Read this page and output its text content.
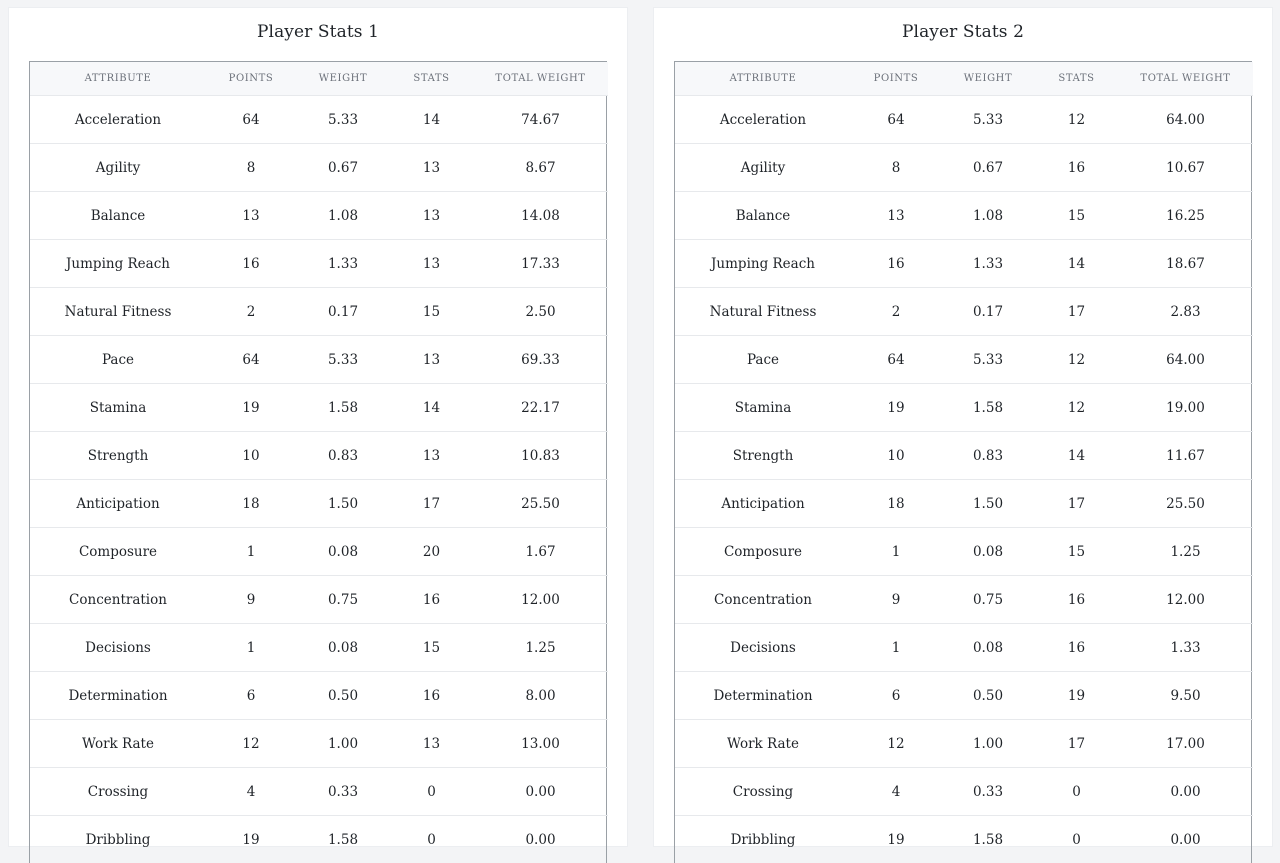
Player Stats 1
ATTRIBUTE	POINTS	WEIGHT	STATS	TOTAL WEIGHT
Acceleration	64	5.33	14	74.67
Agility	8	0.67	13	8.67
Balance	13	1.08	13	14.08
Jumping Reach	16	1.33	13	17.33
Natural Fitness	2	0.17	15	2.50
Pace	64	5.33	13	69.33
Stamina	19	1.58	14	22.17
Strength	10	0.83	13	10.83
Anticipation	18	1.50	17	25.50
Composure	1	0.08	20	1.67
Concentration	9	0.75	16	12.00
Decisions	1	0.08	15	1.25
Determination	6	0.50	16	8.00
Work Rate	12	1.00	13	13.00
Crossing	4	0.33	0	0.00
Dribbling	19	1.58	0	0.00
Player Stats 2
ATTRIBUTE	POINTS	WEIGHT	STATS	TOTAL WEIGHT
Acceleration	64	5.33	12	64.00
Agility	8	0.67	16	10.67
Balance	13	1.08	15	16.25
Jumping Reach	16	1.33	14	18.67
Natural Fitness	2	0.17	17	2.83
Pace	64	5.33	12	64.00
Stamina	19	1.58	12	19.00
Strength	10	0.83	14	11.67
Anticipation	18	1.50	17	25.50
Composure	1	0.08	15	1.25
Concentration	9	0.75	16	12.00
Decisions	1	0.08	16	1.33
Determination	6	0.50	19	9.50
Work Rate	12	1.00	17	17.00
Crossing	4	0.33	0	0.00
Dribbling	19	1.58	0	0.00
